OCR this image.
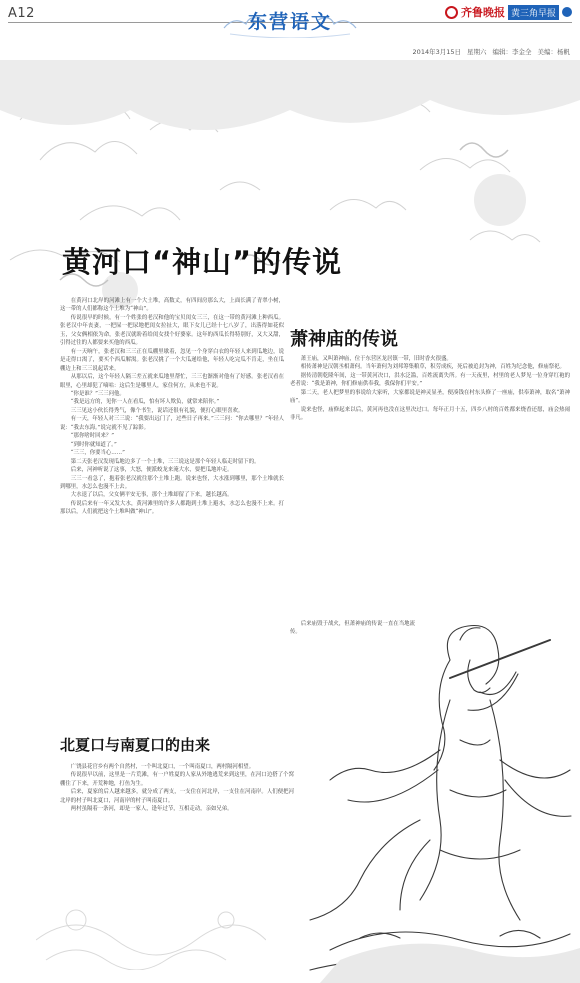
A12	东营语文	齐鲁晚报 黄三角早报
2014年3月15日 星期六 编辑：李金全 美编：杨帆
黄河口“神山”的传说
萧神庙的传说
北夏口与南夏口的由来

在黄河口北岸的河滩上有一个大土堆，高数丈，有四间房那么大，上面长满了青翠小树，这一带的人们都称这个土堆为“神山”。

传说很早的时候，有一个姓张的老汉和他的宝贝闺女三三，在这一带的黄河滩上种西瓜。张老汉中年丧妻，一把屎一把尿地把闺女拉扯大，眼下女儿已经十七八岁了，出落得如花似玉，父女俩相依为命，张老汉就盼着给闺女找个好婆家。这年的西瓜长得特别好，又大又甜，引得过往的人都要来买他的西瓜。

有一天晌午，张老汉和三三正在瓜棚里歇着，忽见一个身穿白衣的年轻人来到瓜地边，说是走得口渴了，要买个西瓜解渴。张老汉挑了一个大瓜递给他，年轻人吃完瓜不肯走，坐在瓜棚边上和三三说起话来。

从那以后，这个年轻人隔三差五就来瓜地里帮忙，三三也渐渐对他有了好感。张老汉看在眼里，心里却犯了嘀咕：这后生是哪里人，家住何方，从来也不说。

“你是谁？”三三问他。

“我是远方的，见你一人在看瓜，怕有坏人欺负，就常来陪你。”

三三见这小伙长得秀气，像个书生，说话还很有礼貌，便打心眼里喜欢。

有一天，年轻人对三三说：“我要出远门了，过些日子再来。”三三问：“你去哪里？”年轻人说：“我去东海。”说完就不见了踪影。

“那你啥时回来？”

“到时你就知道了。”

“三三，你要当心……”

第二天张老汉发现瓜地边多了一个土堆，三三说这是那个年轻人临走时留下的。

后来，河神听说了这事，大怒，便派蛟龙来淹大水，要把瓜地冲走。

三三一看急了，抱着张老汉就往那个土堆上跑。说来也怪，大水涨到哪里，那个土堆就长到哪里，水怎么也漫不上去。

大水退了以后，父女俩平安无事，那个土堆却留了下来，越长越高。

传说后来有一年又发大水，黄河滩里的许多人都跑到土堆上避水，水怎么也漫不上来。打那以后，人们就把这个土堆叫做“神山”。

萧王庙，又叫萧神庙，位于东营区龙居镇一带，旧时香火很盛。

相传萧神是汉朝丞相萧何。当年萧何为刘邦筹集粮草，积劳成疾，死后被追封为神，百姓为纪念他，修庙祭祀。

据传清朝乾隆年间，这一带黄河决口，洪水泛滥，百姓流离失所。有一天夜里，村里的老人梦见一位身穿红袍的老者说：“我是萧神，你们修庙供奉我，我保你们平安。”

第二天，老人把梦里的事说给大家听，大家都说是神灵显圣，便凑钱在村东头修了一座庙，供奉萧神，取名“萧神庙”。

说来也怪，庙修起来以后，黄河再也没在这里决过口。每年正月十五，四乡八村的百姓都来烧香还愿，庙会热闹非凡。

后来庙毁于战火，但萧神庙的传说一直在当地流传。

广饶县花官乡有两个自然村，一个叫北夏口，一个叫南夏口，两村隔河相望。

传说很早以前，这里是一片荒滩，有一户姓夏的人家从外地逃荒来到这里，在河口边搭了个窝棚住了下来，开荒种地，打鱼为生。

后来，夏家的后人越来越多，就分成了两支，一支住在河北岸，一支住在河南岸。人们便把河北岸的村子叫北夏口，河南岸的村子叫南夏口。

两村虽隔着一条河，却是一家人，逢年过节，互相走动，亲如兄弟。
